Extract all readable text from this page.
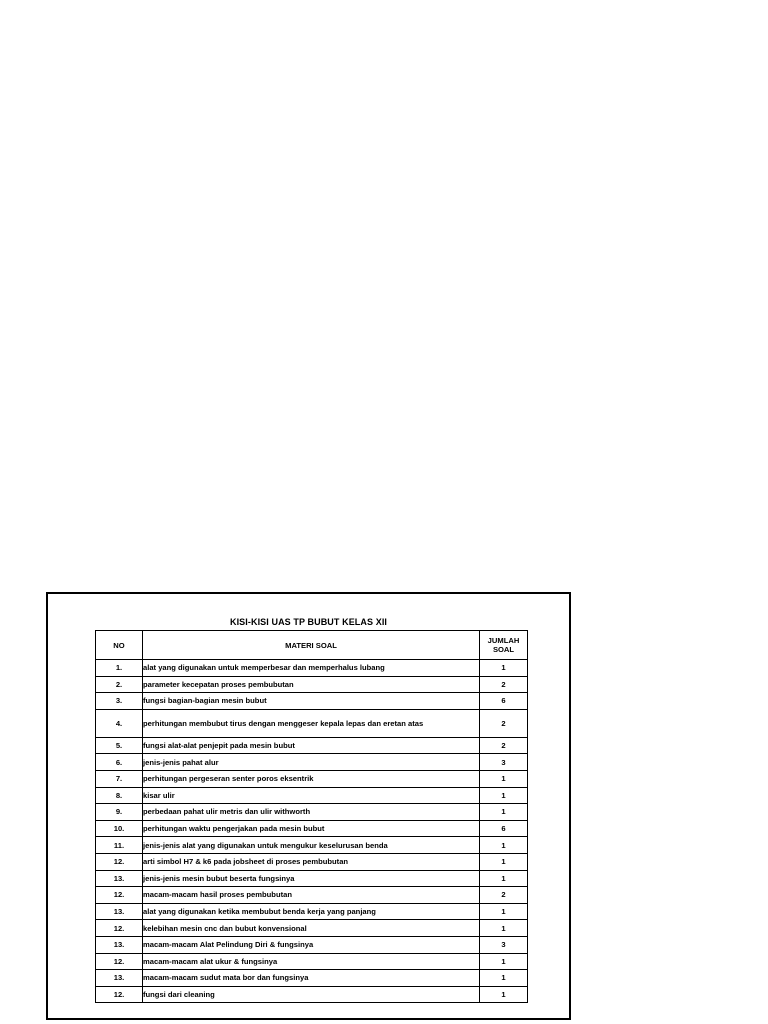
KISI-KISI UAS TP BUBUT KELAS XII
NO	MATERI SOAL	JUMLAH
SOAL
1.	alat yang digunakan untuk memperbesar dan memperhalus lubang	1
2.	parameter kecepatan proses pembubutan	2
3.	fungsi bagian-bagian mesin bubut	6
4.	perhitungan membubut tirus dengan menggeser kepala lepas dan eretan atas	2
5.	fungsi alat-alat penjepit pada mesin bubut	2
6.	jenis-jenis pahat alur	3
7.	perhitungan pergeseran senter poros eksentrik	1
8.	kisar ulir	1
9.	perbedaan pahat ulir metris dan ulir withworth	1
10.	perhitungan waktu pengerjakan pada mesin bubut	6
11.	jenis-jenis alat yang digunakan untuk mengukur keselurusan benda	1
12.	arti simbol H7 & k6 pada jobsheet di proses pembubutan	1
13.	jenis-jenis mesin bubut beserta fungsinya	1
12.	macam-macam hasil proses pembubutan	2
13.	alat yang digunakan ketika membubut benda kerja yang panjang	1
12.	kelebihan mesin cnc dan bubut konvensional	1
13.	macam-macam Alat Pelindung Diri & fungsinya	3
12.	macam-macam alat ukur & fungsinya	1
13.	macam-macam sudut mata bor dan fungsinya	1
12.	fungsi dari cleaning	1
